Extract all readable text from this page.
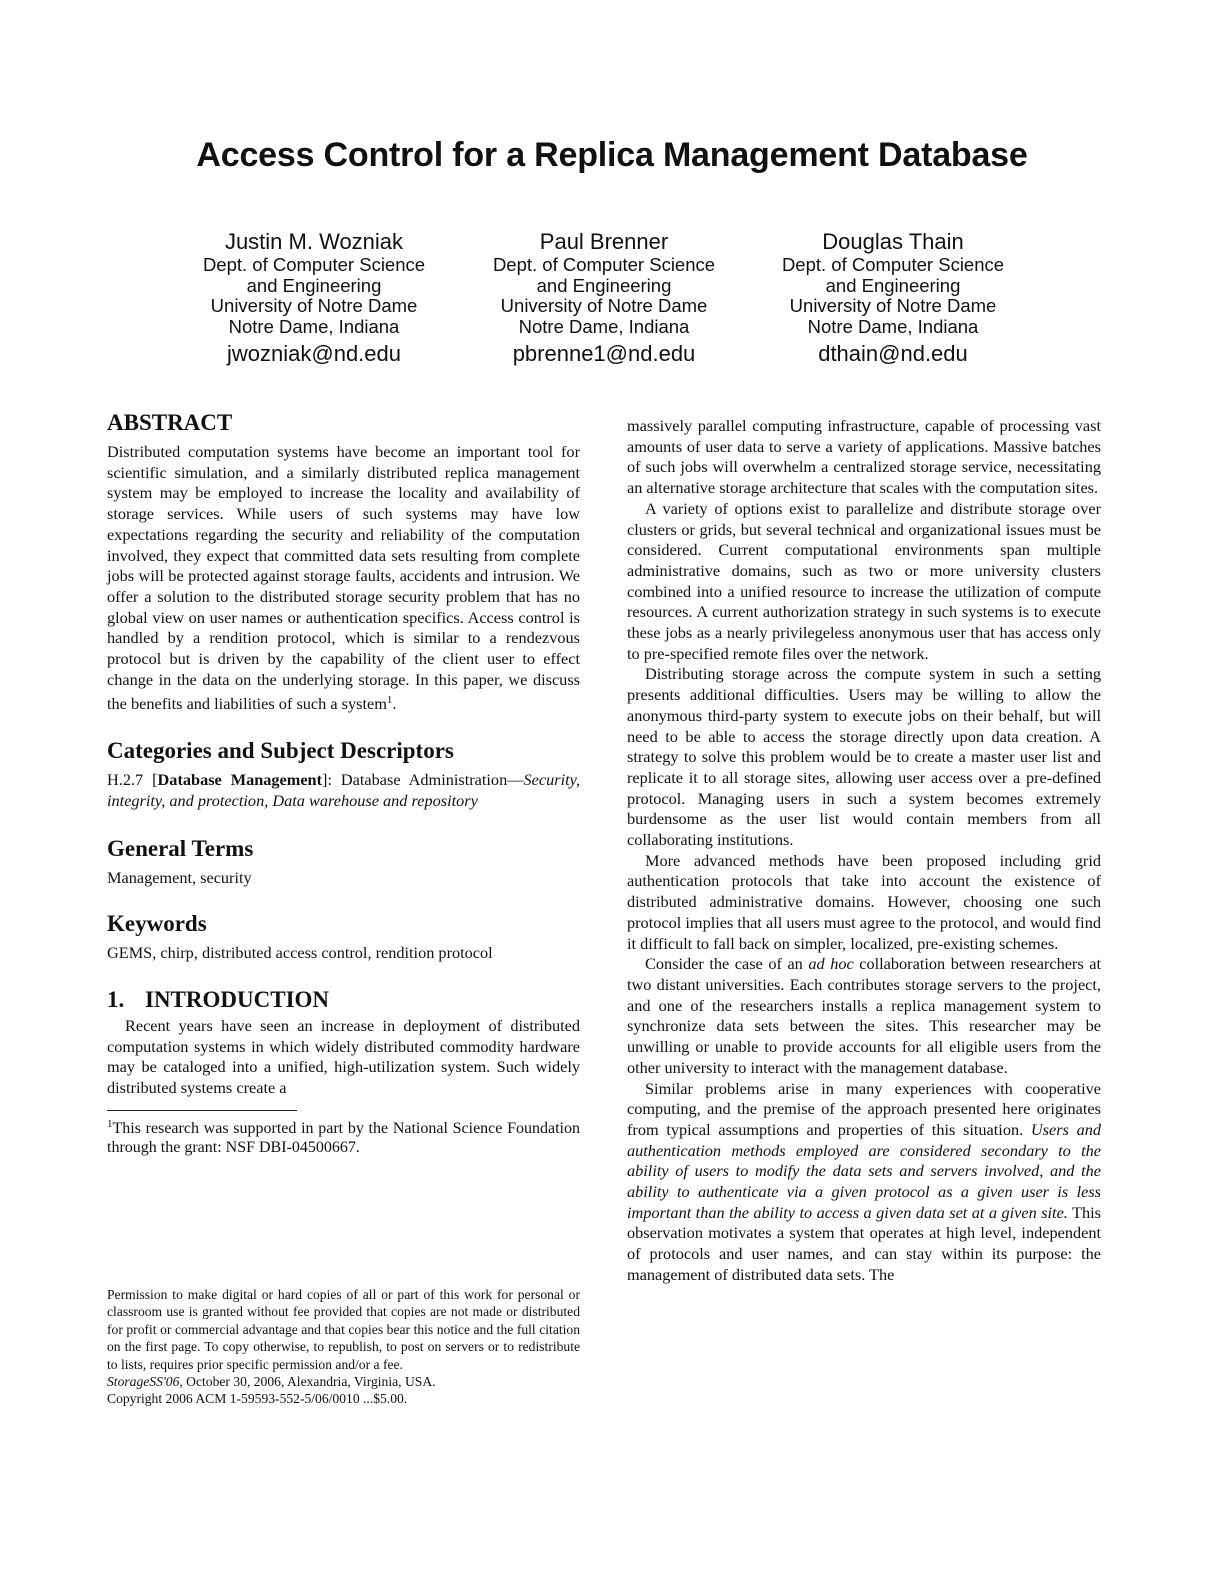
Access Control for a Replica Management Database
Justin M. Wozniak
Dept. of Computer Science
and Engineering
University of Notre Dame
Notre Dame, Indiana
jwozniak@nd.edu
Paul Brenner
Dept. of Computer Science
and Engineering
University of Notre Dame
Notre Dame, Indiana
pbrenne1@nd.edu
Douglas Thain
Dept. of Computer Science
and Engineering
University of Notre Dame
Notre Dame, Indiana
dthain@nd.edu
ABSTRACT

Distributed computation systems have become an important tool for scientific simulation, and a similarly distributed replica management system may be employed to increase the locality and availability of storage services. While users of such systems may have low expectations regarding the security and reliability of the computation involved, they expect that committed data sets resulting from complete jobs will be protected against storage faults, accidents and intrusion. We offer a solution to the distributed storage security problem that has no global view on user names or authentication specifics. Access control is handled by a rendition protocol, which is similar to a rendezvous protocol but is driven by the capability of the client user to effect change in the data on the underlying storage. In this paper, we discuss the benefits and liabilities of such a system$^1$.

Categories and Subject Descriptors

H.2.7 [Database Management]: Database Administration—Security, integrity, and protection, Data warehouse and repository

General Terms

Management, security

Keywords

GEMS, chirp, distributed access control, rendition protocol

1. INTRODUCTION

Recent years have seen an increase in deployment of distributed computation systems in which widely distributed commodity hardware may be cataloged into a unified, high-utilization system. Such widely distributed systems create a

$^1$This research was supported in part by the National Science Foundation through the grant: NSF DBI-04500667.

Permission to make digital or hard copies of all or part of this work for personal or classroom use is granted without fee provided that copies are not made or distributed for profit or commercial advantage and that copies bear this notice and the full citation on the first page. To copy otherwise, to republish, to post on servers or to redistribute to lists, requires prior specific permission and/or a fee.

StorageSS'06, October 30, 2006, Alexandria, Virginia, USA.

Copyright 2006 ACM 1-59593-552-5/06/0010 ...$5.00.

massively parallel computing infrastructure, capable of processing vast amounts of user data to serve a variety of applications. Massive batches of such jobs will overwhelm a centralized storage service, necessitating an alternative storage architecture that scales with the computation sites.

A variety of options exist to parallelize and distribute storage over clusters or grids, but several technical and organizational issues must be considered. Current computational environments span multiple administrative domains, such as two or more university clusters combined into a unified resource to increase the utilization of compute resources. A current authorization strategy in such systems is to execute these jobs as a nearly privilegeless anonymous user that has access only to pre-specified remote files over the network.

Distributing storage across the compute system in such a setting presents additional difficulties. Users may be willing to allow the anonymous third-party system to execute jobs on their behalf, but will need to be able to access the storage directly upon data creation. A strategy to solve this problem would be to create a master user list and replicate it to all storage sites, allowing user access over a pre-defined protocol. Managing users in such a system becomes extremely burdensome as the user list would contain members from all collaborating institutions.

More advanced methods have been proposed including grid authentication protocols that take into account the existence of distributed administrative domains. However, choosing one such protocol implies that all users must agree to the protocol, and would find it difficult to fall back on simpler, localized, pre-existing schemes.

Consider the case of an ad hoc collaboration between researchers at two distant universities. Each contributes storage servers to the project, and one of the researchers installs a replica management system to synchronize data sets between the sites. This researcher may be unwilling or unable to provide accounts for all eligible users from the other university to interact with the management database.

Similar problems arise in many experiences with cooperative computing, and the premise of the approach presented here originates from typical assumptions and properties of this situation. Users and authentication methods employed are considered secondary to the ability of users to modify the data sets and servers involved, and the ability to authenticate via a given protocol as a given user is less important than the ability to access a given data set at a given site. This observation motivates a system that operates at high level, independent of protocols and user names, and can stay within its purpose: the management of distributed data sets. The
